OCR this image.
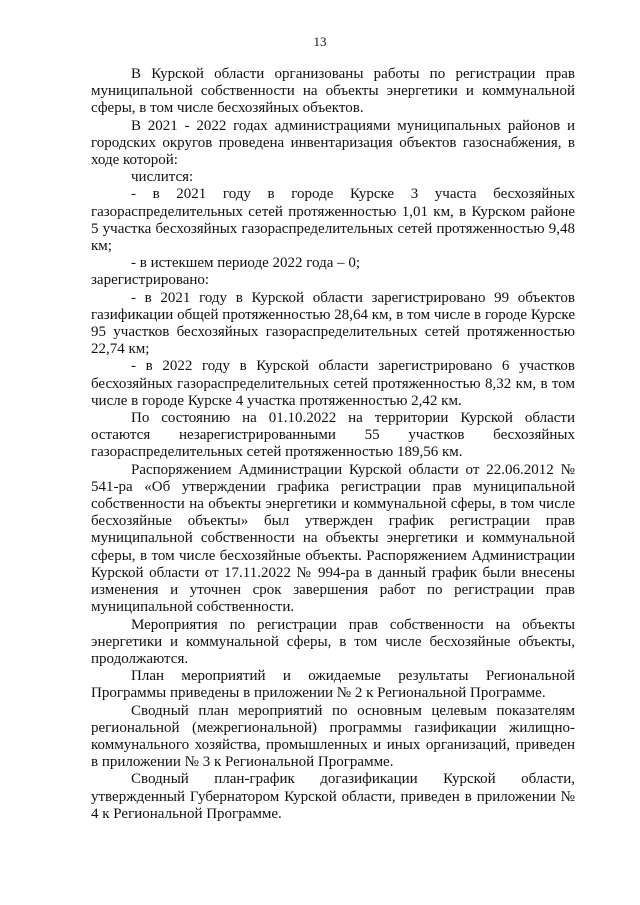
13

В Курской области организованы работы по регистрации прав муниципальной собственности на объекты энергетики и коммунальной сферы, в том числе бесхозяйных объектов.

В 2021 - 2022 годах администрациями муниципальных районов и городских округов проведена инвентаризация объектов газоснабжения, в ходе которой:

числится:

- в 2021 году в городе Курске 3 участа бесхозяйных газораспределительных сетей протяженностью 1,01 км, в Курском районе 5 участка бесхозяйных газораспределительных сетей протяженностью 9,48 км;

- в истекшем периоде 2022 года – 0;

зарегистрировано:

- в 2021 году в Курской области зарегистрировано 99 объектов газификации общей протяженностью 28,64 км, в том числе в городе Курске 95 участков бесхозяйных газораспределительных сетей протяженностью 22,74 км;

- в 2022 году в Курской области зарегистрировано 6 участков бесхозяйных газораспределительных сетей протяженностью 8,32 км, в том числе в городе Курске 4 участка протяженностью 2,42 км.

По состоянию на 01.10.2022 на территории Курской области остаются незарегистрированными 55 участков бесхозяйных газораспределительных сетей протяженностью 189,56 км.

Распоряжением Администрации Курской области от 22.06.2012 № 541-ра «Об утверждении графика регистрации прав муниципальной собственности на объекты энергетики и коммунальной сферы, в том числе бесхозяйные объекты» был утвержден график регистрации прав муниципальной собственности на объекты энергетики и коммунальной сферы, в том числе бесхозяйные объекты. Распоряжением Администрации Курской области от 17.11.2022 № 994-ра в данный график были внесены изменения и уточнен срок завершения работ по регистрации прав муниципальной собственности.

Мероприятия по регистрации прав собственности на объекты энергетики и коммунальной сферы, в том числе бесхозяйные объекты, продолжаются.

План мероприятий и ожидаемые результаты Региональной Программы приведены в приложении № 2 к Региональной Программе.

Сводный план мероприятий по основным целевым показателям региональной (межрегиональной) программы газификации жилищно-коммунального хозяйства, промышленных и иных организаций, приведен в приложении № 3 к Региональной Программе.

Сводный план-график догазификации Курской области, утвержденный Губернатором Курской области, приведен в приложении № 4 к Региональной Программе.
